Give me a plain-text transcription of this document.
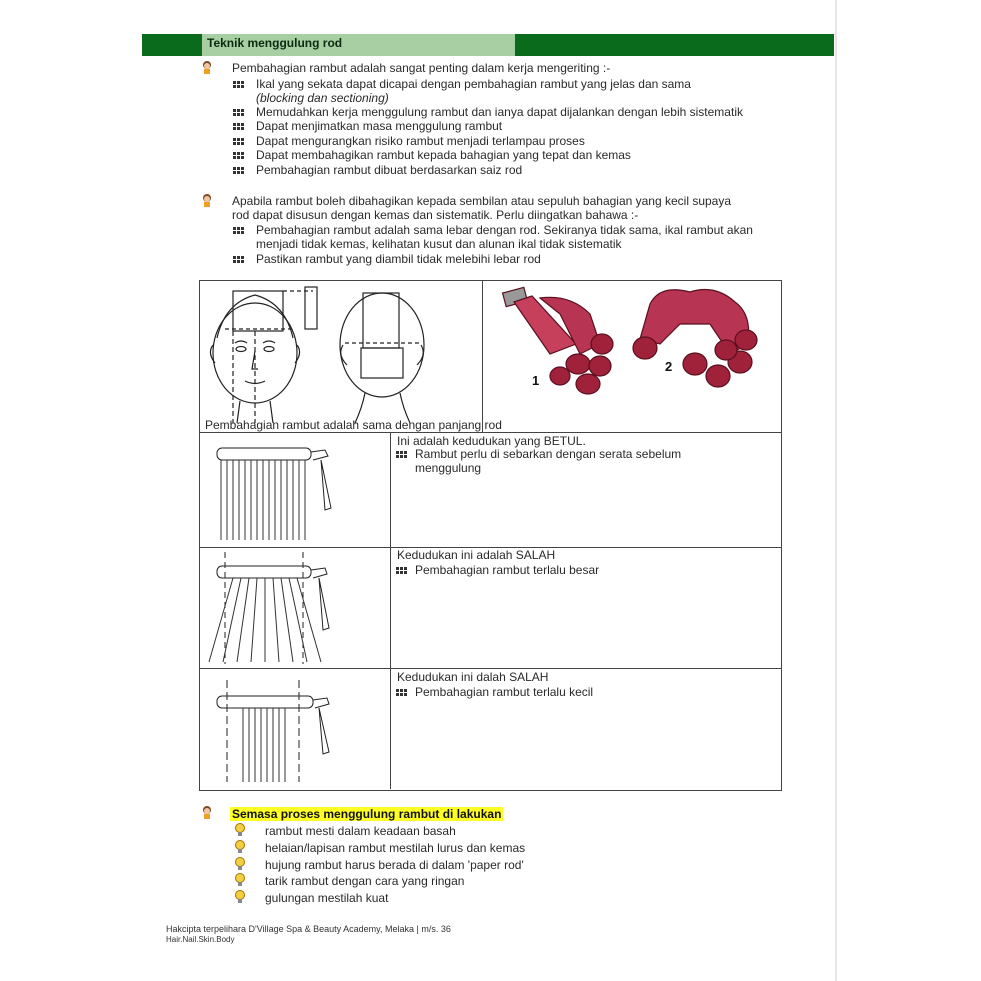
Teknik menggulung rod
Pembahagian rambut adalah sangat penting dalam kerja mengeriting :-
Ikal yang sekata dapat dicapai dengan pembahagian rambut yang jelas dan sama
(blocking dan sectioning)
Memudahkan kerja menggulung rambut dan ianya dapat dijalankan dengan lebih sistematik
Dapat menjimatkan masa menggulung rambut
Dapat mengurangkan risiko rambut menjadi terlampau proses
Dapat membahagikan rambut kepada bahagian yang tepat dan kemas
Pembahagian rambut dibuat berdasarkan saiz rod
Apabila rambut boleh dibahagikan kepada sembilan atau sepuluh bahagian yang kecil supaya
rod dapat disusun dengan kemas dan sistematik. Perlu diingatkan bahawa :-
Pembahagian rambut adalah sama lebar dengan rod. Sekiranya tidak sama, ikal rambut akan
menjadi tidak kemas, kelihatan kusut dan alunan ikal tidak sistematik
Pastikan rambut yang diambil tidak melebihi lebar rod
1
2
Pembahagian rambut adalah sama dengan panjang rod
Ini adalah kedudukan yang BETUL.
Rambut perlu di sebarkan dengan serata sebelum
menggulung
Kedudukan ini adalah SALAH
Pembahagian rambut terlalu besar
Kedudukan ini dalah SALAH
Pembahagian rambut terlalu kecil
Semasa proses menggulung rambut di lakukan
rambut mesti dalam keadaan basah
helaian/lapisan rambut mestilah lurus dan kemas
hujung rambut harus berada di dalam 'paper rod'
tarik rambut dengan cara yang ringan
gulungan mestilah kuat
Hakcipta terpelihara D'Village Spa & Beauty Academy, Melaka | m/s. 36
Hair.Nail.Skin.Body
